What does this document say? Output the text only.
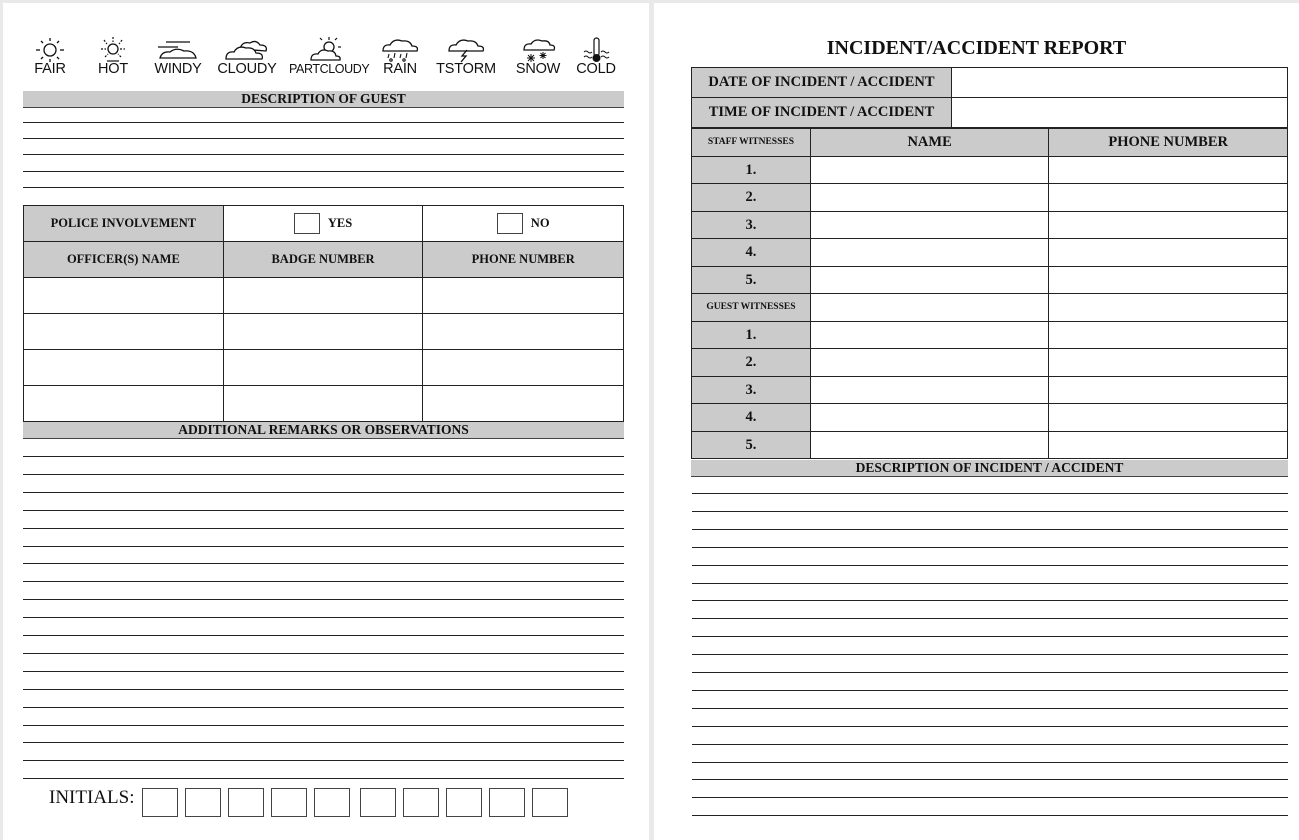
FAIR	HOT	WINDY CLOUDY PARTCLOUDY RAIN	TSTORM SNOW COLD
DESCRIPTION OF GUEST
POLICE INVOLVEMENT	YES	NO
OFFICER(S) NAME	BADGE NUMBER	PHONE NUMBER

ADDITIONAL REMARKS OR OBSERVATIONS
INITIALS:
INCIDENT/ACCIDENT REPORT
DATE OF INCIDENT / ACCIDENT	
TIME OF INCIDENT / ACCIDENT	
STAFF WITNESSES	NAME	PHONE NUMBER
1.		
2.		
3.		
4.		
5.		
GUEST WITNESSES		
1.		
2.		
3.		
4.		
5.		
DESCRIPTION OF INCIDENT / ACCIDENT
